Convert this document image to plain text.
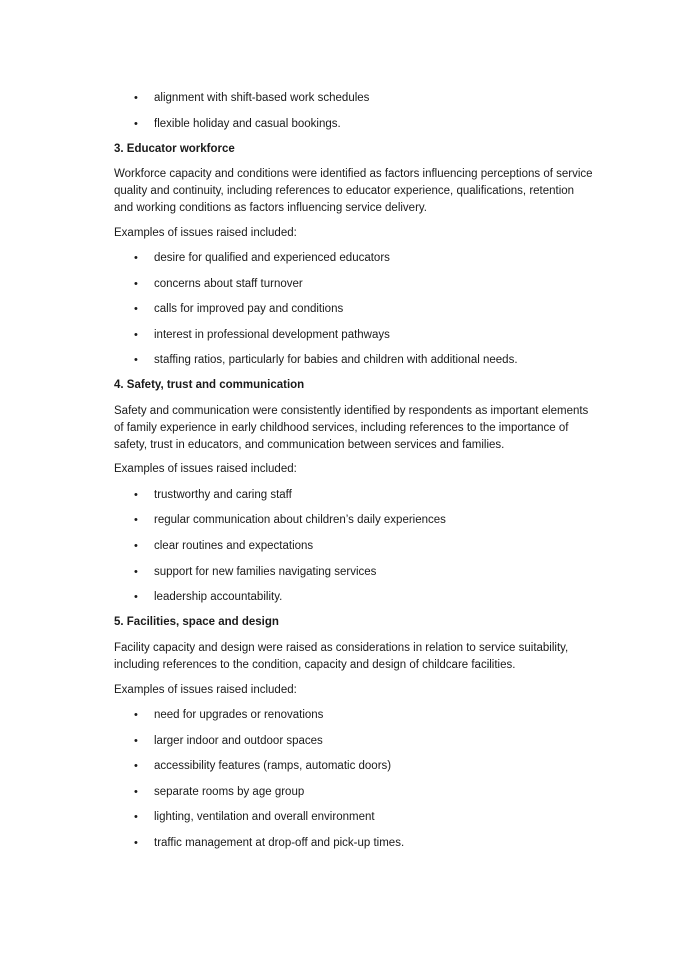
• alignment with shift-based work schedules
• flexible holiday and casual bookings.
3. Educator workforce

Workforce capacity and conditions were identified as factors influencing perceptions of service quality and continuity, including references to educator experience, qualifications, retention and working conditions as factors influencing service delivery.

Examples of issues raised included:

• desire for qualified and experienced educators
• concerns about staff turnover
• calls for improved pay and conditions
• interest in professional development pathways
• staffing ratios, particularly for babies and children with additional needs.
4. Safety, trust and communication

Safety and communication were consistently identified by respondents as important elements of family experience in early childhood services, including references to the importance of safety, trust in educators, and communication between services and families.

Examples of issues raised included:

• trustworthy and caring staff
• regular communication about children’s daily experiences
• clear routines and expectations
• support for new families navigating services
• leadership accountability.
5. Facilities, space and design

Facility capacity and design were raised as considerations in relation to service suitability, including references to the condition, capacity and design of childcare facilities.

Examples of issues raised included:

• need for upgrades or renovations
• larger indoor and outdoor spaces
• accessibility features (ramps, automatic doors)
• separate rooms by age group
• lighting, ventilation and overall environment
• traffic management at drop-off and pick-up times.
